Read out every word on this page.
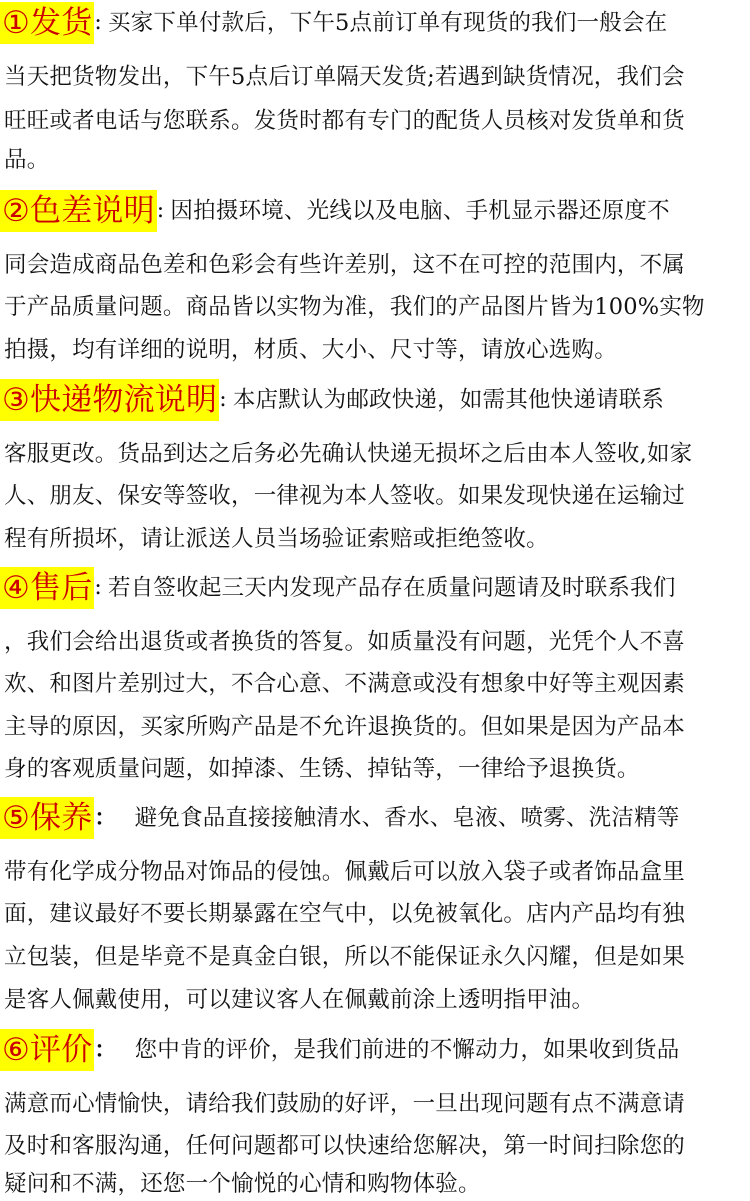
①发货: 买家下单付款后，下午5点前订单有现货的我们一般会在
当天把货物发出，下午5点后订单隔天发货;若遇到缺货情况，我们会
旺旺或者电话与您联系。发货时都有专门的配货人员核对发货单和货
品。
②色差说明: 因拍摄环境、光线以及电脑、手机显示器还原度不
同会造成商品色差和色彩会有些许差别，这不在可控的范围内，不属
于产品质量问题。商品皆以实物为准，我们的产品图片皆为100%实物
拍摄，均有详细的说明，材质、大小、尺寸等，请放心选购。
③快递物流说明: 本店默认为邮政快递，如需其他快递请联系
客服更改。货品到达之后务必先确认快递无损坏之后由本人签收,如家
人、朋友、保安等签收，一律视为本人签收。如果发现快递在运输过
程有所损坏，请让派送人员当场验证索赔或拒绝签收。
④售后: 若自签收起三天内发现产品存在质量问题请及时联系我们
，我们会给出退货或者换货的答复。如质量没有问题，光凭个人不喜
欢、和图片差别过大，不合心意、不满意或没有想象中好等主观因素
主导的原因，买家所购产品是不允许退换货的。但如果是因为产品本
身的客观质量问题，如掉漆、生锈、掉钻等，一律给予退换货。
⑤保养： 避免食品直接接触清水、香水、皂液、喷雾、洗洁精等
带有化学成分物品对饰品的侵蚀。佩戴后可以放入袋子或者饰品盒里
面，建议最好不要长期暴露在空气中，以免被氧化。店内产品均有独
立包装，但是毕竟不是真金白银，所以不能保证永久闪耀，但是如果
是客人佩戴使用，可以建议客人在佩戴前涂上透明指甲油。
⑥评价： 您中肯的评价，是我们前进的不懈动力，如果收到货品
满意而心情愉快，请给我们鼓励的好评，一旦出现问题有点不满意请
及时和客服沟通，任何问题都可以快速给您解决，第一时间扫除您的
疑问和不满，还您一个愉悦的心情和购物体验。
